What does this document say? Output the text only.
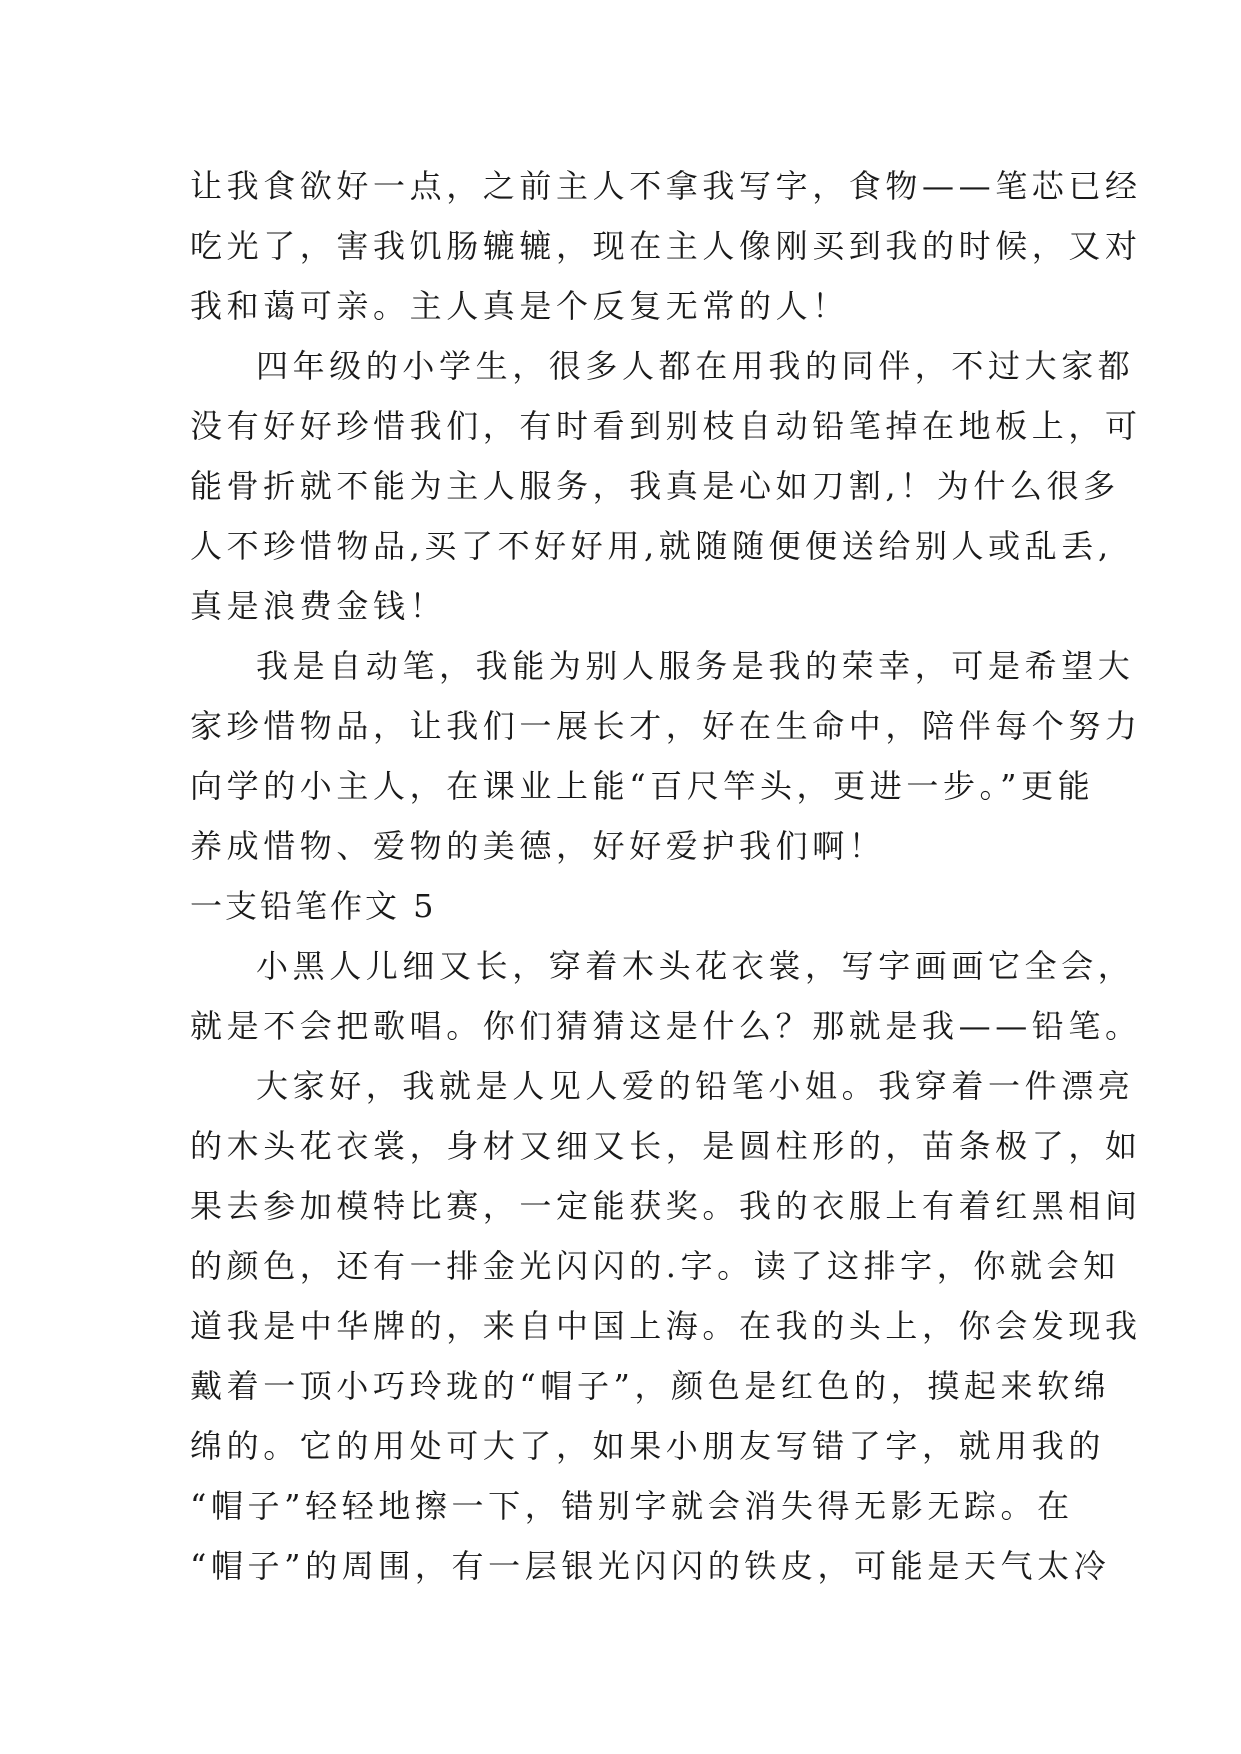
让我食欲好一点，之前主人不拿我写字，食物——笔芯已经
吃光了，害我饥肠辘辘，现在主人像刚买到我的时候，又对
我和蔼可亲。主人真是个反复无常的人！
四年级的小学生，很多人都在用我的同伴，不过大家都
没有好好珍惜我们，有时看到别枝自动铅笔掉在地板上，可
能骨折就不能为主人服务，我真是心如刀割,！为什么很多
人不珍惜物品,买了不好好用,就随随便便送给别人或乱丢,
真是浪费金钱！
我是自动笔，我能为别人服务是我的荣幸，可是希望大
家珍惜物品，让我们一展长才，好在生命中，陪伴每个努力
向学的小主人，在课业上能“百尺竿头，更进一步。”更能
养成惜物、爱物的美德，好好爱护我们啊！
一支铅笔作文 5
小黑人儿细又长，穿着木头花衣裳，写字画画它全会，
就是不会把歌唱。你们猜猜这是什么？那就是我——铅笔。
大家好，我就是人见人爱的铅笔小姐。我穿着一件漂亮
的木头花衣裳，身材又细又长，是圆柱形的，苗条极了，如
果去参加模特比赛，一定能获奖。我的衣服上有着红黑相间
的颜色，还有一排金光闪闪的.字。读了这排字，你就会知
道我是中华牌的，来自中国上海。在我的头上，你会发现我
戴着一顶小巧玲珑的“帽子”，颜色是红色的，摸起来软绵
绵的。它的用处可大了，如果小朋友写错了字，就用我的
“帽子”轻轻地擦一下，错别字就会消失得无影无踪。在
“帽子”的周围，有一层银光闪闪的铁皮，可能是天气太冷
